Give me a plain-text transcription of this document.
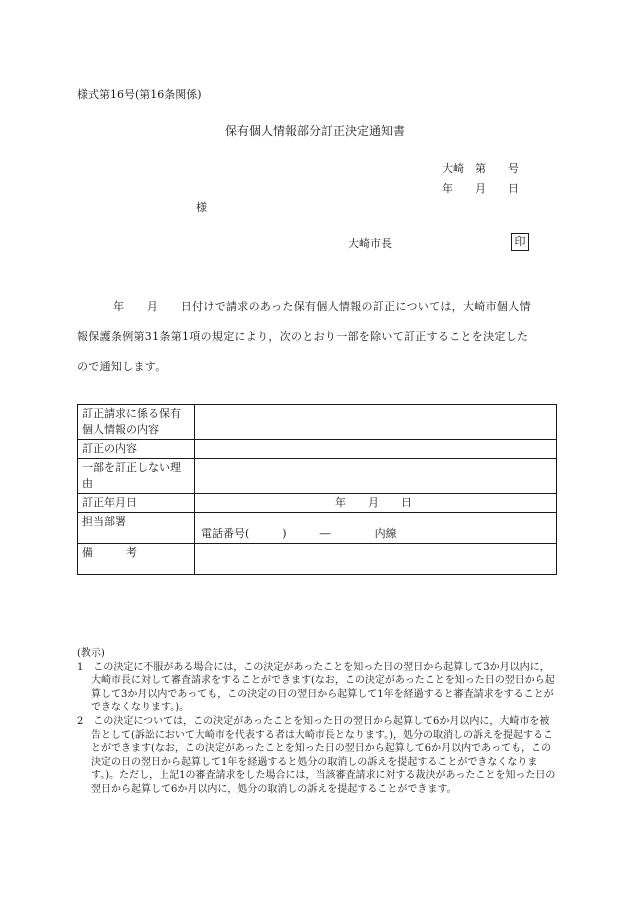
様式第16号(第16条関係)
保有個人情報部分訂正決定通知書
大崎　第　　号
年　　月　　日
様
大崎市長	印

年　　月　　日付けで請求のあった保有個人情報の訂正については，大崎市個人情

報保護条例第31条第1項の規定により，次のとおり一部を除いて訂正することを決定した

ので通知します。

訂正請求に係る保有個人情報の内容	
訂正の内容	
一部を訂正しない理由	
訂正年月日	年　　月　　日
担当部署	電話番号(　　　)　　　―　　　　内線
備　　　考	

(教示)

1　この決定に不服がある場合には，この決定があったことを知った日の翌日から起算して3か月以内に，大崎市長に対して審査請求をすることができます(なお，この決定があったことを知った日の翌日から起算して3か月以内であっても，この決定の日の翌日から起算して1年を経過すると審査請求をすることができなくなります。)。

2　この決定については，この決定があったことを知った日の翌日から起算して6か月以内に，大崎市を被告として(訴訟において大崎市を代表する者は大崎市長となります。)，処分の取消しの訴えを提起することができます(なお，この決定があったことを知った日の翌日から起算して6か月以内であっても，この決定の日の翌日から起算して1年を経過すると処分の取消しの訴えを提起することができなくなります。)。ただし，上記1の審査請求をした場合には，当該審査請求に対する裁決があったことを知った日の翌日から起算して6か月以内に，処分の取消しの訴えを提起することができます。
